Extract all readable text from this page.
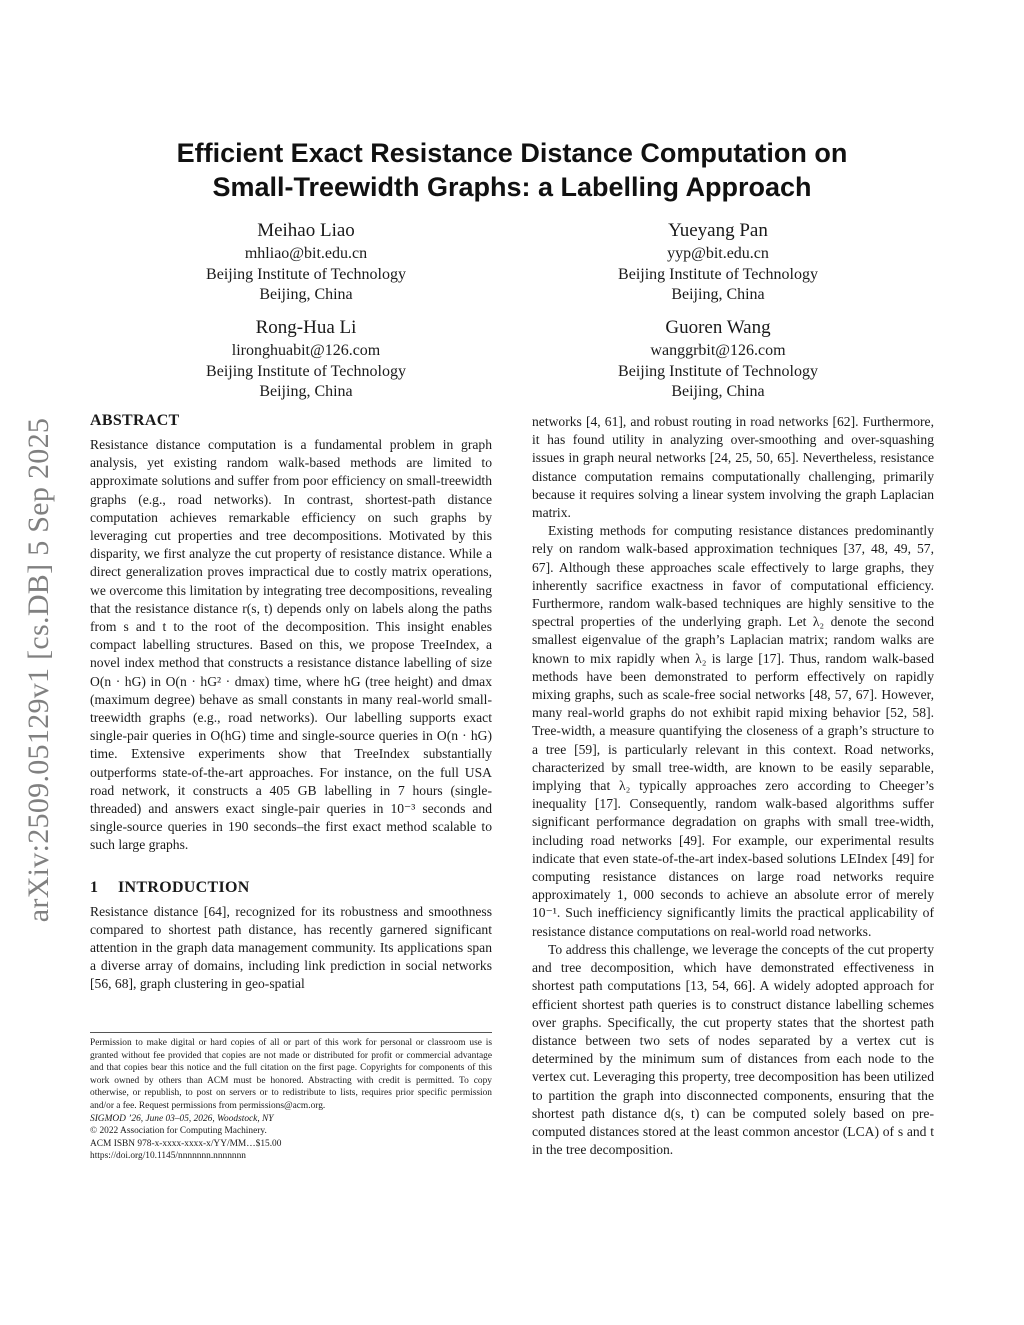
arXiv:2509.05129v1 [cs.DB] 5 Sep 2025
Efficient Exact Resistance Distance Computation on
Small-Treewidth Graphs: a Labelling Approach
Meihao Liao
mhliao@bit.edu.cn
Beijing Institute of Technology
Beijing, China
Yueyang Pan
yyp@bit.edu.cn
Beijing Institute of Technology
Beijing, China
Rong-Hua Li
lironghuabit@126.com
Beijing Institute of Technology
Beijing, China
Guoren Wang
wanggrbit@126.com
Beijing Institute of Technology
Beijing, China
ABSTRACT

Resistance distance computation is a fundamental problem in graph analysis, yet existing random walk-based methods are limited to approximate solutions and suffer from poor efficiency on small-treewidth graphs (e.g., road networks). In contrast, shortest-path distance computation achieves remarkable efficiency on such graphs by leveraging cut properties and tree decompositions. Motivated by this disparity, we first analyze the cut property of resistance distance. While a direct generalization proves impractical due to costly matrix operations, we overcome this limitation by integrating tree decompositions, revealing that the resistance distance r(s, t) depends only on labels along the paths from s and t to the root of the decomposition. This insight enables compact labelling structures. Based on this, we propose TreeIndex, a novel index method that constructs a resistance distance labelling of size O(n · hG) in O(n · hG² · dmax) time, where hG (tree height) and dmax (maximum degree) behave as small constants in many real-world small-treewidth graphs (e.g., road networks). Our labelling supports exact single-pair queries in O(hG) time and single-source queries in O(n · hG) time. Extensive experiments show that TreeIndex substantially outperforms state-of-the-art approaches. For instance, on the full USA road network, it constructs a 405 GB labelling in 7 hours (single-threaded) and answers exact single-pair queries in 10⁻³ seconds and single-source queries in 190 seconds–the first exact method scalable to such large graphs.

1 INTRODUCTION

Resistance distance [64], recognized for its robustness and smoothness compared to shortest path distance, has recently garnered significant attention in the graph data management community. Its applications span a diverse array of domains, including link prediction in social networks [56, 68], graph clustering in geo-spatial

networks [4, 61], and robust routing in road networks [62]. Furthermore, it has found utility in analyzing over-smoothing and over-squashing issues in graph neural networks [24, 25, 50, 65]. Nevertheless, resistance distance computation remains computationally challenging, primarily because it requires solving a linear system involving the graph Laplacian matrix.

Existing methods for computing resistance distances predominantly rely on random walk-based approximation techniques [37, 48, 49, 57, 67]. Although these approaches scale effectively to large graphs, they inherently sacrifice exactness in favor of computational efficiency. Furthermore, random walk-based techniques are highly sensitive to the spectral properties of the underlying graph. Let λ₂ denote the second smallest eigenvalue of the graph’s Laplacian matrix; random walks are known to mix rapidly when λ₂ is large [17]. Thus, random walk-based methods have been demonstrated to perform effectively on rapidly mixing graphs, such as scale-free social networks [48, 57, 67]. However, many real-world graphs do not exhibit rapid mixing behavior [52, 58]. Tree-width, a measure quantifying the closeness of a graph’s structure to a tree [59], is particularly relevant in this context. Road networks, characterized by small tree-width, are known to be easily separable, implying that λ₂ typically approaches zero according to Cheeger’s inequality [17]. Consequently, random walk-based algorithms suffer significant performance degradation on graphs with small tree-width, including road networks [49]. For example, our experimental results indicate that even state-of-the-art index-based solutions LEIndex [49] for computing resistance distances on large road networks require approximately 1, 000 seconds to achieve an absolute error of merely 10⁻¹. Such inefficiency significantly limits the practical applicability of resistance distance computations on real-world road networks.

To address this challenge, we leverage the concepts of the cut property and tree decomposition, which have demonstrated effectiveness in shortest path computations [13, 54, 66]. A widely adopted approach for efficient shortest path queries is to construct distance labelling schemes over graphs. Specifically, the cut property states that the shortest path distance between two sets of nodes separated by a vertex cut is determined by the minimum sum of distances from each node to the vertex cut. Leveraging this property, tree decomposition has been utilized to partition the graph into disconnected components, ensuring that the shortest path distance d(s, t) can be computed solely based on pre-computed distances stored at the least common ancestor (LCA) of s and t in the tree decomposition.

Permission to make digital or hard copies of all or part of this work for personal or classroom use is granted without fee provided that copies are not made or distributed for profit or commercial advantage and that copies bear this notice and the full citation on the first page. Copyrights for components of this work owned by others than ACM must be honored. Abstracting with credit is permitted. To copy otherwise, or republish, to post on servers or to redistribute to lists, requires prior specific permission and/or a fee. Request permissions from permissions@acm.org.

SIGMOD ’26, June 03–05, 2026, Woodstock, NY

© 2022 Association for Computing Machinery.

ACM ISBN 978-x-xxxx-xxxx-x/YY/MM…$15.00

https://doi.org/10.1145/nnnnnnn.nnnnnnn
